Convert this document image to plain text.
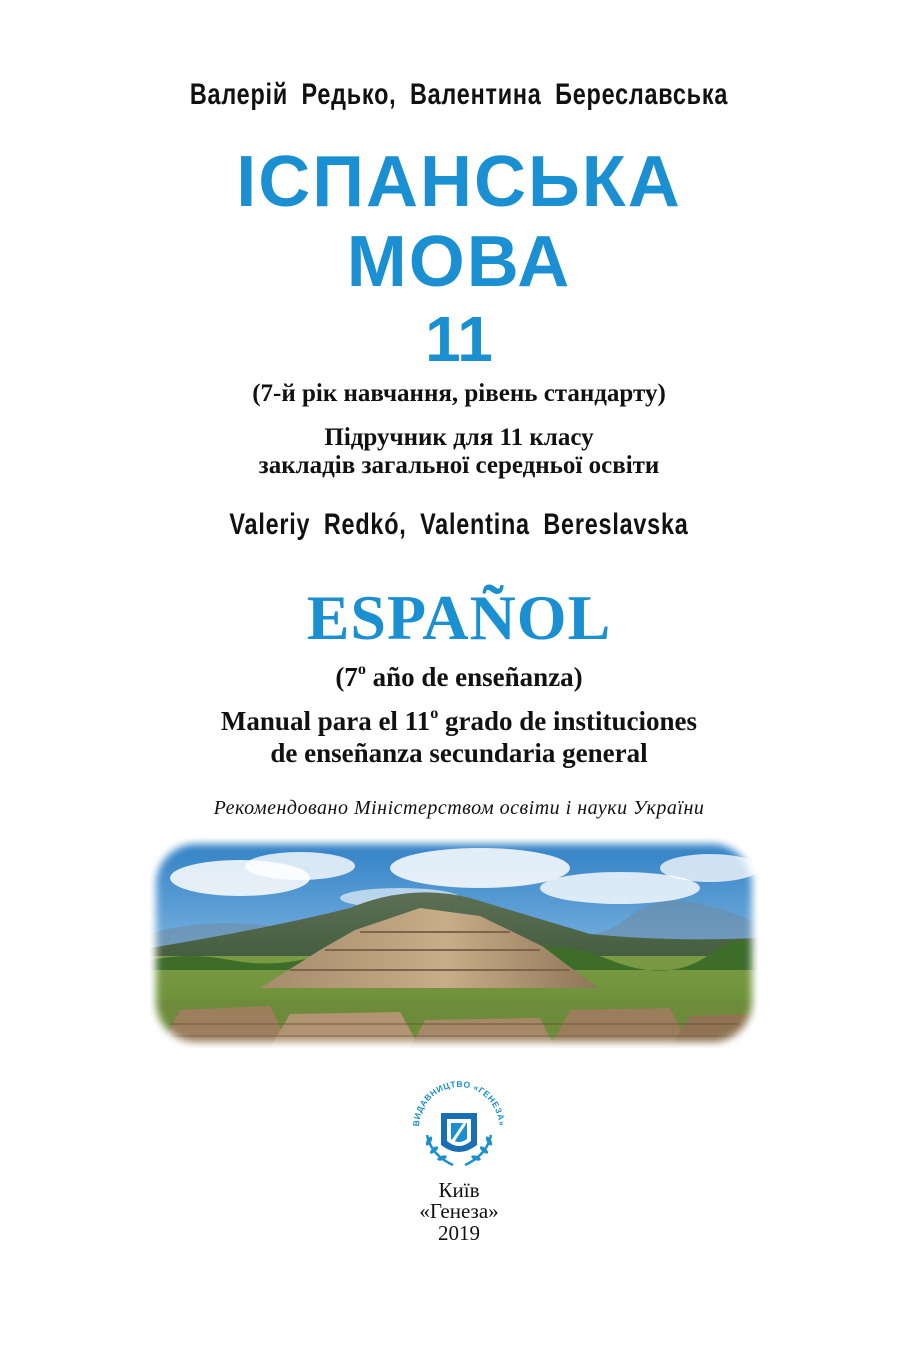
Валерій Редько, Валентина Береславська
ІСПАНСЬКА
МОВА
11
(7-й рік навчання, рівень стандарту)
Підручник для 11 класу
закладів загальної середньої освіти
Valeriy Redkó, Valentina Bereslavska
ESPAÑOL
(7$^o$ año de enseñanza)
Manual para el 11$^o$ grado de instituciones
de enseñanza secundaria general
Рекомендовано Міністерством освіти і науки України
ВИДАВНИЦТВО «ГЕНЕЗА»
Київ
«Генеза»
2019
